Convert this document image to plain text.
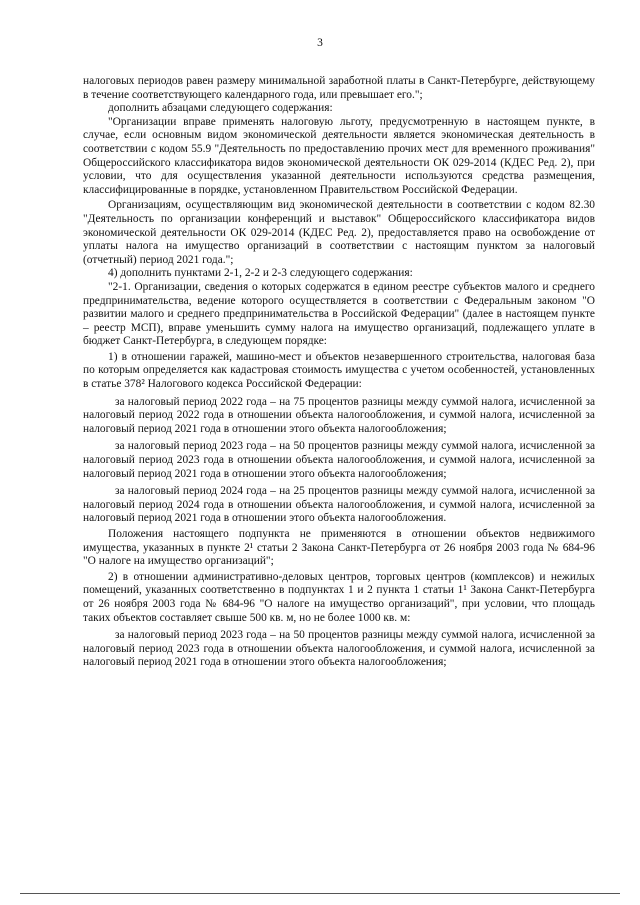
3

налоговых периодов равен размеру минимальной заработной платы в Санкт-Петербурге, действующему в течение соответствующего календарного года, или превышает его.";

дополнить абзацами следующего содержания:

"Организации вправе применять налоговую льготу, предусмотренную в настоящем пункте, в случае, если основным видом экономической деятельности является экономическая деятельность в соответствии с кодом 55.9 "Деятельность по предоставлению прочих мест для временного проживания" Общероссийского классификатора видов экономической деятельности ОК 029-2014 (КДЕС Ред. 2), при условии, что для осуществления указанной деятельности используются средства размещения, классифицированные в порядке, установленном Правительством Российской Федерации.

Организациям, осуществляющим вид экономической деятельности в соответствии с кодом 82.30 "Деятельность по организации конференций и выставок" Общероссийского классификатора видов экономической деятельности ОК 029-2014 (КДЕС Ред. 2), предоставляется право на освобождение от уплаты налога на имущество организаций в соответствии с настоящим пунктом за налоговый (отчетный) период 2021 года.";

4) дополнить пунктами 2-1, 2-2 и 2-3 следующего содержания:

"2-1. Организации, сведения о которых содержатся в едином реестре субъектов малого и среднего предпринимательства, ведение которого осуществляется в соответствии с Федеральным законом "О развитии малого и среднего предпринимательства в Российской Федерации" (далее в настоящем пункте – реестр МСП), вправе уменьшить сумму налога на имущество организаций, подлежащего уплате в бюджет Санкт-Петербурга, в следующем порядке:

1) в отношении гаражей, машино-мест и объектов незавершенного строительства, налоговая база по которым определяется как кадастровая стоимость имущества с учетом особенностей, установленных в статье 378² Налогового кодекса Российской Федерации:

за налоговый период 2022 года – на 75 процентов разницы между суммой налога, исчисленной за налоговый период 2022 года в отношении объекта налогообложения, и суммой налога, исчисленной за налоговый период 2021 года в отношении этого объекта налогообложения;

за налоговый период 2023 года – на 50 процентов разницы между суммой налога, исчисленной за налоговый период 2023 года в отношении объекта налогообложения, и суммой налога, исчисленной за налоговый период 2021 года в отношении этого объекта налогообложения;

за налоговый период 2024 года – на 25 процентов разницы между суммой налога, исчисленной за налоговый период 2024 года в отношении объекта налогообложения, и суммой налога, исчисленной за налоговый период 2021 года в отношении этого объекта налогообложения.

Положения настоящего подпункта не применяются в отношении объектов недвижимого имущества, указанных в пункте 2¹ статьи 2 Закона Санкт-Петербурга от 26 ноября 2003 года № 684-96 "О налоге на имущество организаций";

2) в отношении административно-деловых центров, торговых центров (комплексов) и нежилых помещений, указанных соответственно в подпунктах 1 и 2 пункта 1 статьи 1¹ Закона Санкт-Петербурга от 26 ноября 2003 года № 684-96 "О налоге на имущество организаций", при условии, что площадь таких объектов составляет свыше 500 кв. м, но не более 1000 кв. м:

за налоговый период 2023 года – на 50 процентов разницы между суммой налога, исчисленной за налоговый период 2023 года в отношении объекта налогообложения, и суммой налога, исчисленной за налоговый период 2021 года в отношении этого объекта налогообложения;
